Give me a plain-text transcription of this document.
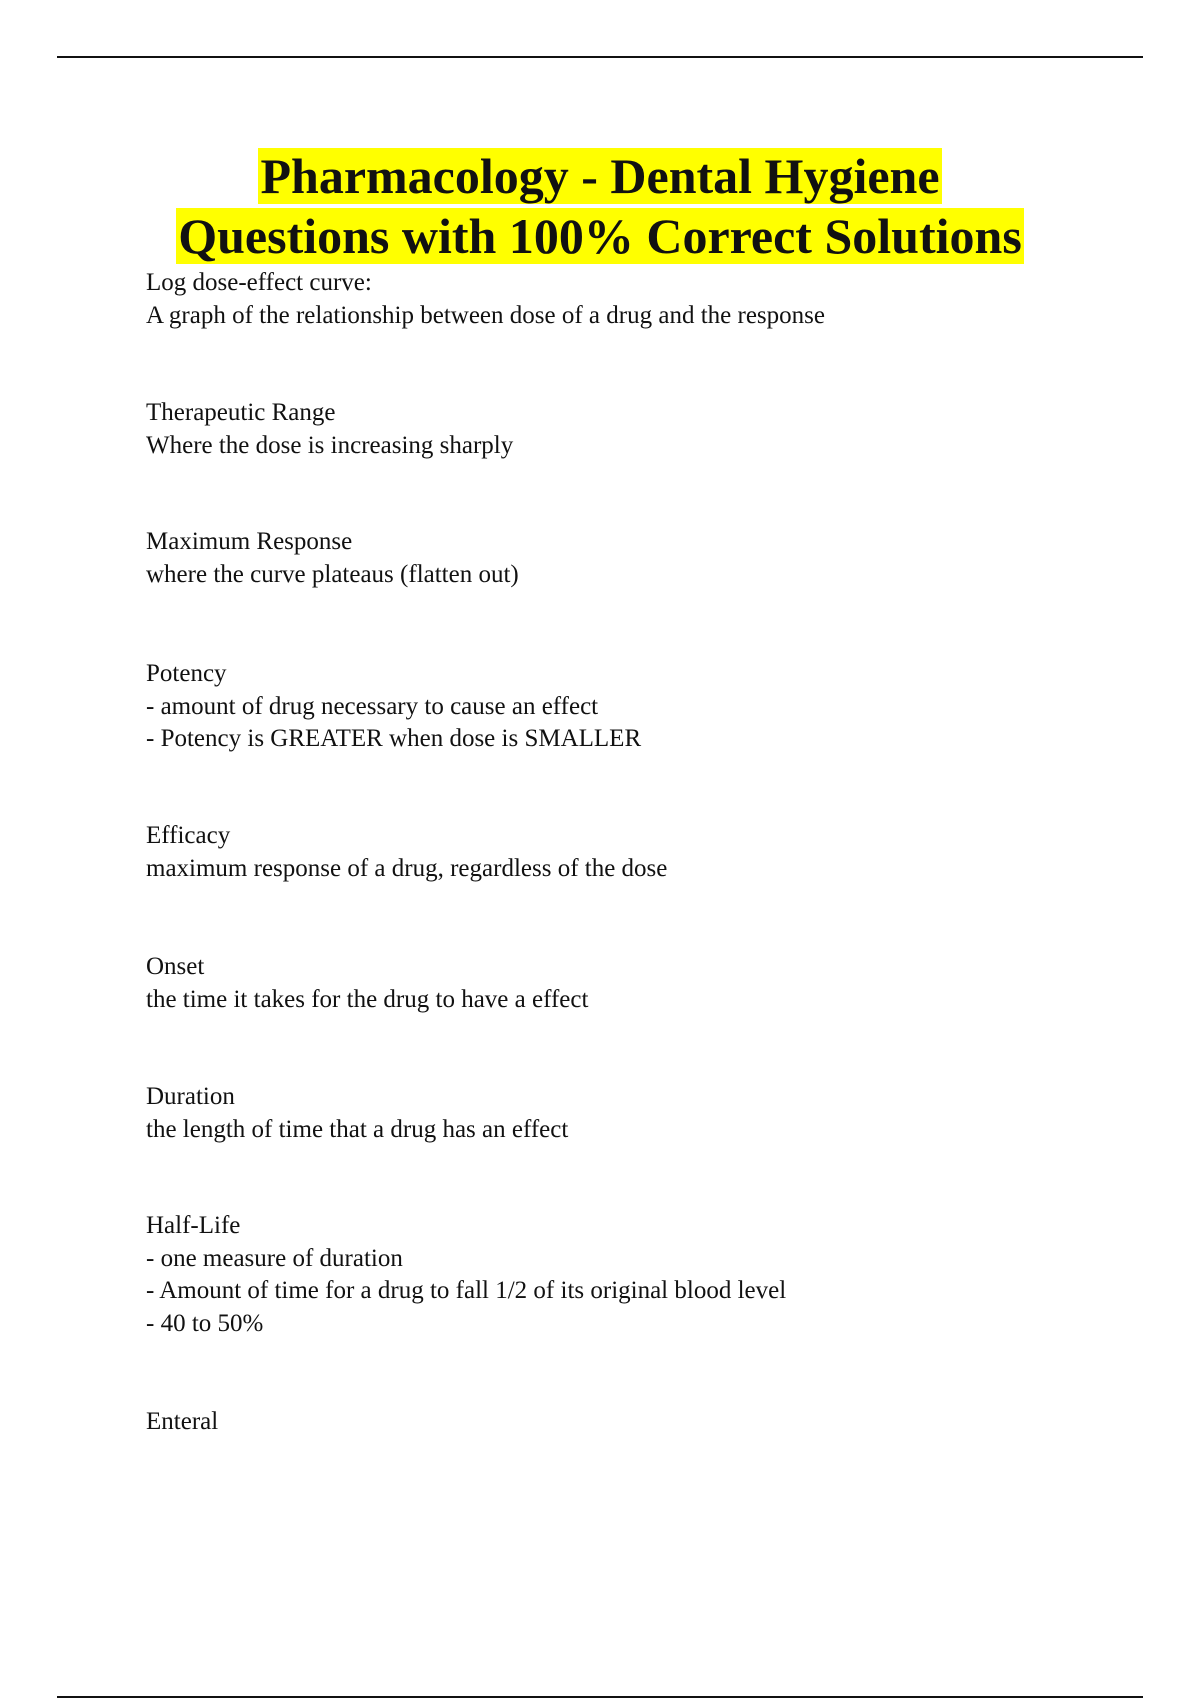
Pharmacology - Dental Hygiene
Questions with 100% Correct Solutions
Log dose-effect curve:
A graph of the relationship between dose of a drug and the response
Therapeutic Range
Where the dose is increasing sharply
Maximum Response
where the curve plateaus (flatten out)
Potency
- amount of drug necessary to cause an effect
- Potency is GREATER when dose is SMALLER
Efficacy
maximum response of a drug, regardless of the dose
Onset
the time it takes for the drug to have a effect
Duration
the length of time that a drug has an effect
Half-Life
- one measure of duration
- Amount of time for a drug to fall 1/2 of its original blood level
- 40 to 50%
Enteral
